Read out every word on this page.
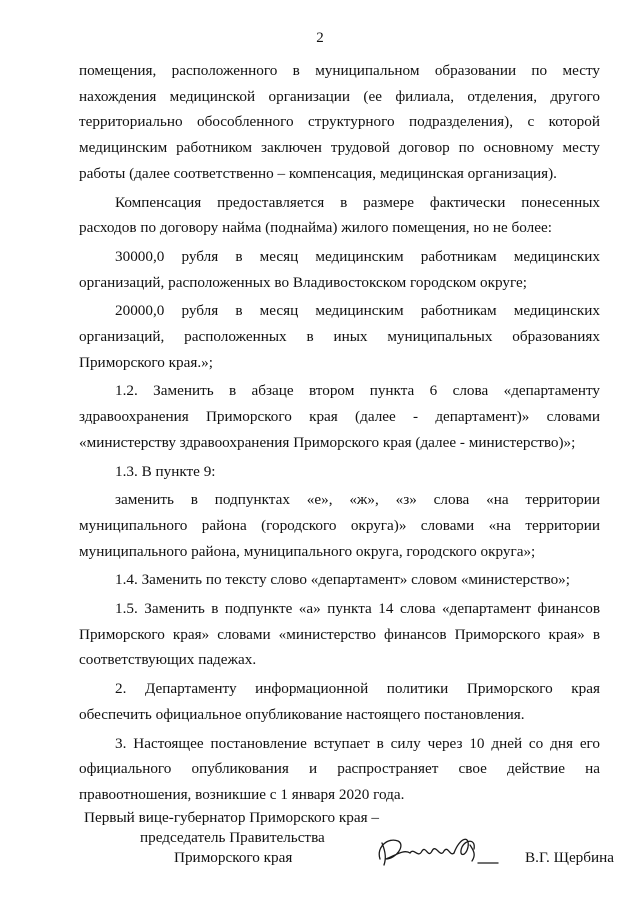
2

помещения, расположенного в муниципальном образовании по месту нахождения медицинской организации (ее филиала, отделения, другого территориально обособленного структурного подразделения), с которой медицинским работником заключен трудовой договор по основному месту работы (далее соответственно – компенсация, медицинская организация).

Компенсация предоставляется в размере фактически понесенных расходов по договору найма (поднайма) жилого помещения, но не более:

30000,0 рубля в месяц медицинским работникам медицинских организаций, расположенных во Владивостокском городском округе;

20000,0 рубля в месяц медицинским работникам медицинских организаций, расположенных в иных муниципальных образованиях Приморского края.»;

1.2. Заменить в абзаце втором пункта 6 слова «департаменту здравоохранения Приморского края (далее - департамент)» словами «министерству здравоохранения Приморского края (далее - министерство)»;

1.3. В пункте 9:

заменить в подпунктах «е», «ж», «з» слова «на территории муниципального района (городского округа)» словами «на территории муниципального района, муниципального округа, городского округа»;

1.4. Заменить по тексту слово «департамент» словом «министерство»;

1.5. Заменить в подпункте «а» пункта 14 слова «департамент финансов Приморского края» словами «министерство финансов Приморского края» в соответствующих падежах.

2. Департаменту информационной политики Приморского края обеспечить официальное опубликование настоящего постановления.

3. Настоящее постановление вступает в силу через 10 дней со дня его официального опубликования и распространяет свое действие на правоотношения, возникшие с 1 января 2020 года.

Первый вице-губернатор Приморского края –
председатель Правительства
Приморского края	В.Г. Щербина
